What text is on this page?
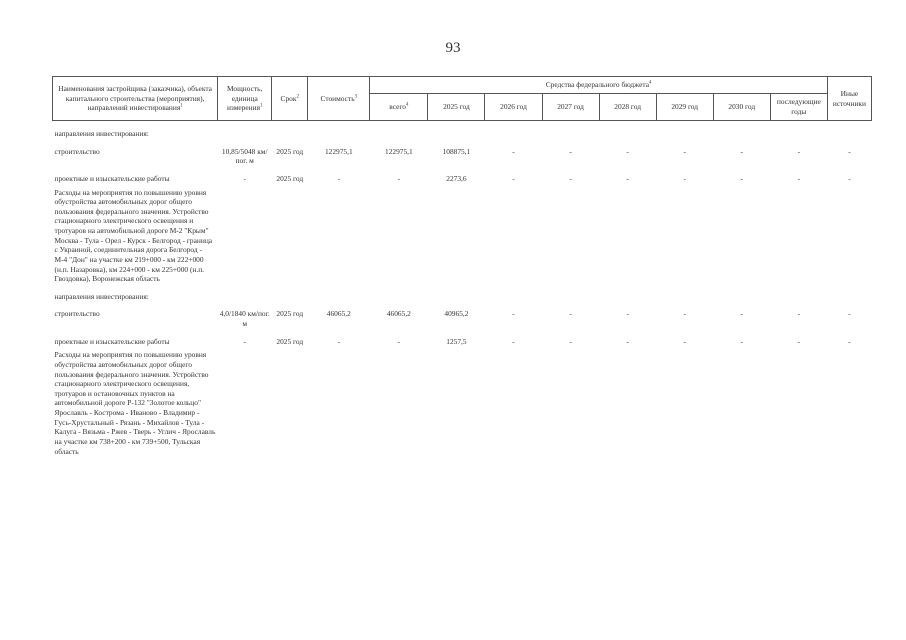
93
Наименования застройщика (заказчика), объекта капитального строительства (мероприятия), направлений инвестирования$^1$	Мощность, единица измерения$^1$	Срок$^2$	Стоимость$^3$	Средства федерального бюджета$^4$								Иные источники
				всего$^4$	2025 год	2026 год	2027 год	2028 год	2029 год	2030 год	последующие годы	

направления инвестирования:												

строительство	10,85/5048 км/пог. м	2025 год	122975,1	122975,1	108875,1	-	-	-	-	-	-	-

проектные и изыскательские работы	-	2025 год	-	-	2273,6	-	-	-	-	-	-	-
Расходы на мероприятия по повышению уровня обустройства автомобильных дорог общего пользования федерального значения. Устройство стационарного электрического освещения и тротуаров на автомобильной дороге М-2 "Крым" Москва - Тула - Орел - Курск - Белгород - граница с Украиной, соединительная дорога Белгород - М-4 "Дон" на участке км 219+000 - км 222+000 (н.п. Назаровка), км 224+000 - км 225+000 (н.п. Гвоздовка), Воронежская область												

направления инвестирования:												

строительство	4,0/1840 км/пог. м	2025 год	46065,2	46065,2	40965,2	-	-	-	-	-	-	-

проектные и изыскательские работы	-	2025 год	-	-	1257,5	-	-	-	-	-	-	-
Расходы на мероприятия по повышению уровня обустройства автомобильных дорог общего пользования федерального значения. Устройство стационарного электрического освещения, тротуаров и остановочных пунктов на автомобильной дороге Р-132 "Золотое кольцо" Ярославль - Кострома - Иваново - Владимир - Гусь-Хрустальный - Рязань - Михайлов - Тула - Калуга - Вязьма - Ржев - Тверь - Углич - Ярославль на участке км 738+200 - км 739+500, Тульская область												
